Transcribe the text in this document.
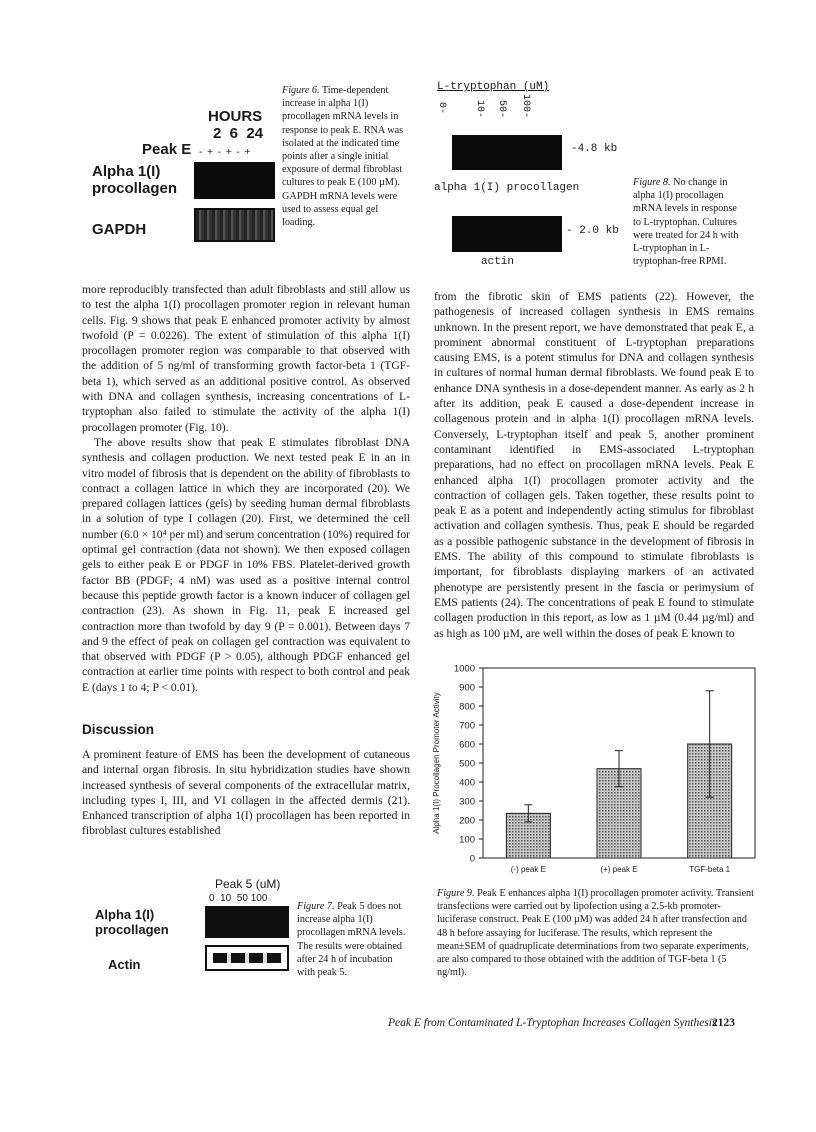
HOURS
2  6  24
Peak E - + - + - +
Alpha 1(I) procollagen
GAPDH
Figure 6. Time-dependent increase in alpha 1(I) procollagen mRNA levels in response to peak E. RNA was isolated at the indicated time points after a single initial exposure of dermal fibroblast cultures to peak E (100 µM). GAPDH mRNA levels were used to assess equal gel loading.
L-tryptophan (uM)
0-	10- 50- 100-
-4.8 kb
alpha 1(I) procollagen
- 2.0 kb
actin
Figure 8. No change in alpha 1(I) procollagen mRNA levels in response to L-tryptophan. Cultures were treated for 24 h with L-tryptophan in L-tryptophan-free RPMI.

more reproducibly transfected than adult fibroblasts and still allow us to test the alpha 1(I) procollagen promoter region in relevant human cells. Fig. 9 shows that peak E enhanced promoter activity by almost twofold (P = 0.0226). The extent of stimulation of this alpha 1(I) procollagen promoter region was comparable to that observed with the addition of 5 ng/ml of transforming growth factor-beta 1 (TGF-beta 1), which served as an additional positive control. As observed with DNA and collagen synthesis, increasing concentrations of L-tryptophan also failed to stimulate the activity of the alpha 1(I) procollagen promoter (Fig. 10).

The above results show that peak E stimulates fibroblast DNA synthesis and collagen production. We next tested peak E in an in vitro model of fibrosis that is dependent on the ability of fibroblasts to contract a collagen lattice in which they are incorporated (20). We prepared collagen lattices (gels) by seeding human dermal fibroblasts in a solution of type I collagen (20). First, we determined the cell number (6.0 × 10⁴ per ml) and serum concentration (10%) required for optimal gel contraction (data not shown). We then exposed collagen gels to either peak E or PDGF in 10% FBS. Platelet-derived growth factor BB (PDGF; 4 nM) was used as a positive internal control because this peptide growth factor is a known inducer of collagen gel contraction (23). As shown in Fig. 11, peak E increased gel contraction more than twofold by day 9 (P = 0.001). Between days 7 and 9 the effect of peak on collagen gel contraction was equivalent to that observed with PDGF (P > 0.05), although PDGF enhanced gel contraction at earlier time points with respect to both control and peak E (days 1 to 4; P < 0.01).

Discussion

A prominent feature of EMS has been the development of cutaneous and internal organ fibrosis. In situ hybridization studies have shown increased synthesis of several components of the extracellular matrix, including types I, III, and VI collagen in the affected dermis (21). Enhanced transcription of alpha 1(I) procollagen has been reported in fibroblast cultures established

from the fibrotic skin of EMS patients (22). However, the pathogenesis of increased collagen synthesis in EMS remains unknown. In the present report, we have demonstrated that peak E, a prominent abnormal constituent of L-tryptophan preparations causing EMS, is a potent stimulus for DNA and collagen synthesis in cultures of normal human dermal fibroblasts. We found peak E to enhance DNA synthesis in a dose-dependent manner. As early as 2 h after its addition, peak E caused a dose-dependent increase in collagenous protein and in alpha 1(I) procollagen mRNA levels. Conversely, L-tryptophan itself and peak 5, another prominent contaminant identified in EMS-associated L-tryptophan preparations, had no effect on procollagen mRNA levels. Peak E enhanced alpha 1(I) procollagen promoter activity and the contraction of collagen gels. Taken together, these results point to peak E as a potent and independently acting stimulus for fibroblast activation and collagen synthesis. Thus, peak E should be regarded as a possible pathogenic substance in the development of fibrosis in EMS. The ability of this compound to stimulate fibroblasts is important, for fibroblasts displaying markers of an activated phenotype are persistently present in the fascia or perimysium of EMS patients (24). The concentrations of peak E found to stimulate collagen production in this report, as low as 1 µM (0.44 µg/ml) and as high as 100 µM, are well within the doses of peak E known to

Peak 5 (uM)
0  10  50 100
Alpha 1(I) procollagen
Actin
Figure 7. Peak 5 does not increase alpha 1(I) procollagen mRNA levels. The results were obtained after 24 h of incubation with peak 5.
0
100
200
300
400
500
600
700
800
900
1000
Alpha 1(I) Procollagen Promoter Activity
(-) peak E	(+) peak E	TGF-beta 1
Figure 9. Peak E enhances alpha 1(I) procollagen promoter activity. Transient transfections were carried out by lipofection using a 2.5-kb promoter-luciferase construct. Peak E (100 µM) was added 24 h after transfection and 48 h before assaying for luciferase. The results, which represent the mean±SEM of quadruplicate determinations from two separate experiments, are also compared to those obtained with the addition of TGF-beta 1 (5 ng/ml).
Peak E from Contaminated L-Tryptophan Increases Collagen Synthesis
2123
